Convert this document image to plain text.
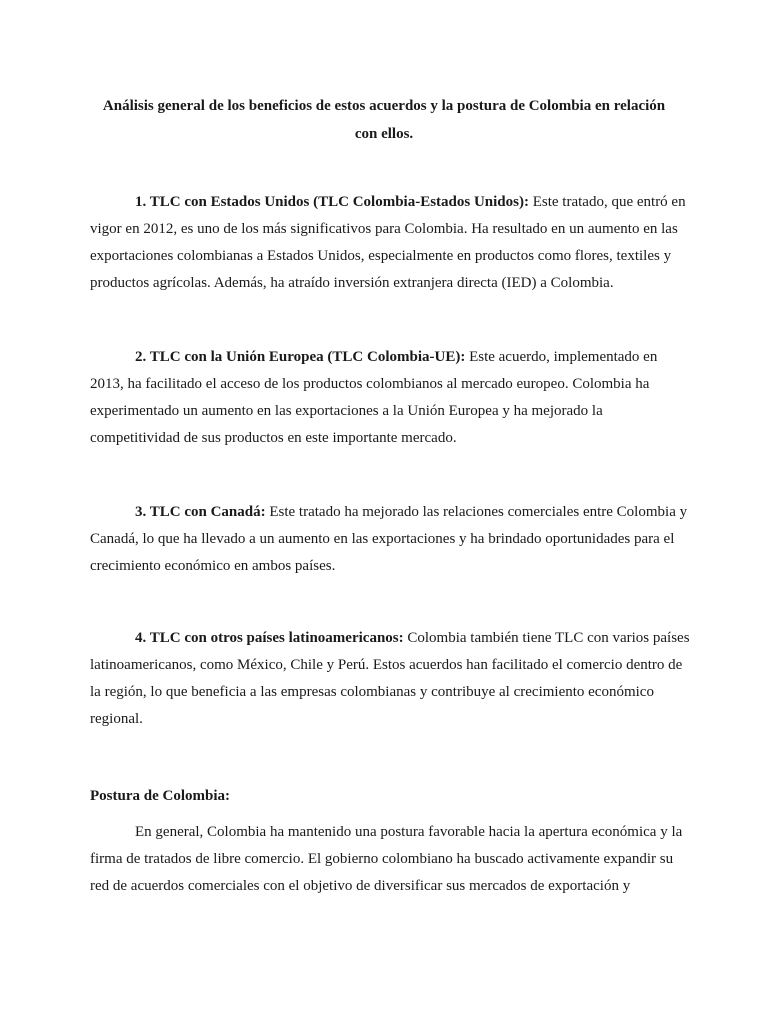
Análisis general de los beneficios de estos acuerdos y la postura de Colombia en relación con ellos.

1. TLC con Estados Unidos (TLC Colombia-Estados Unidos): Este tratado, que entró en vigor en 2012, es uno de los más significativos para Colombia. Ha resultado en un aumento en las exportaciones colombianas a Estados Unidos, especialmente en productos como flores, textiles y productos agrícolas. Además, ha atraído inversión extranjera directa (IED) a Colombia.

2. TLC con la Unión Europea (TLC Colombia-UE): Este acuerdo, implementado en 2013, ha facilitado el acceso de los productos colombianos al mercado europeo. Colombia ha experimentado un aumento en las exportaciones a la Unión Europea y ha mejorado la competitividad de sus productos en este importante mercado.

3. TLC con Canadá: Este tratado ha mejorado las relaciones comerciales entre Colombia y Canadá, lo que ha llevado a un aumento en las exportaciones y ha brindado oportunidades para el crecimiento económico en ambos países.

4. TLC con otros países latinoamericanos: Colombia también tiene TLC con varios países latinoamericanos, como México, Chile y Perú. Estos acuerdos han facilitado el comercio dentro de la región, lo que beneficia a las empresas colombianas y contribuye al crecimiento económico regional.

Postura de Colombia:

En general, Colombia ha mantenido una postura favorable hacia la apertura económica y la firma de tratados de libre comercio. El gobierno colombiano ha buscado activamente expandir su red de acuerdos comerciales con el objetivo de diversificar sus mercados de exportación y
